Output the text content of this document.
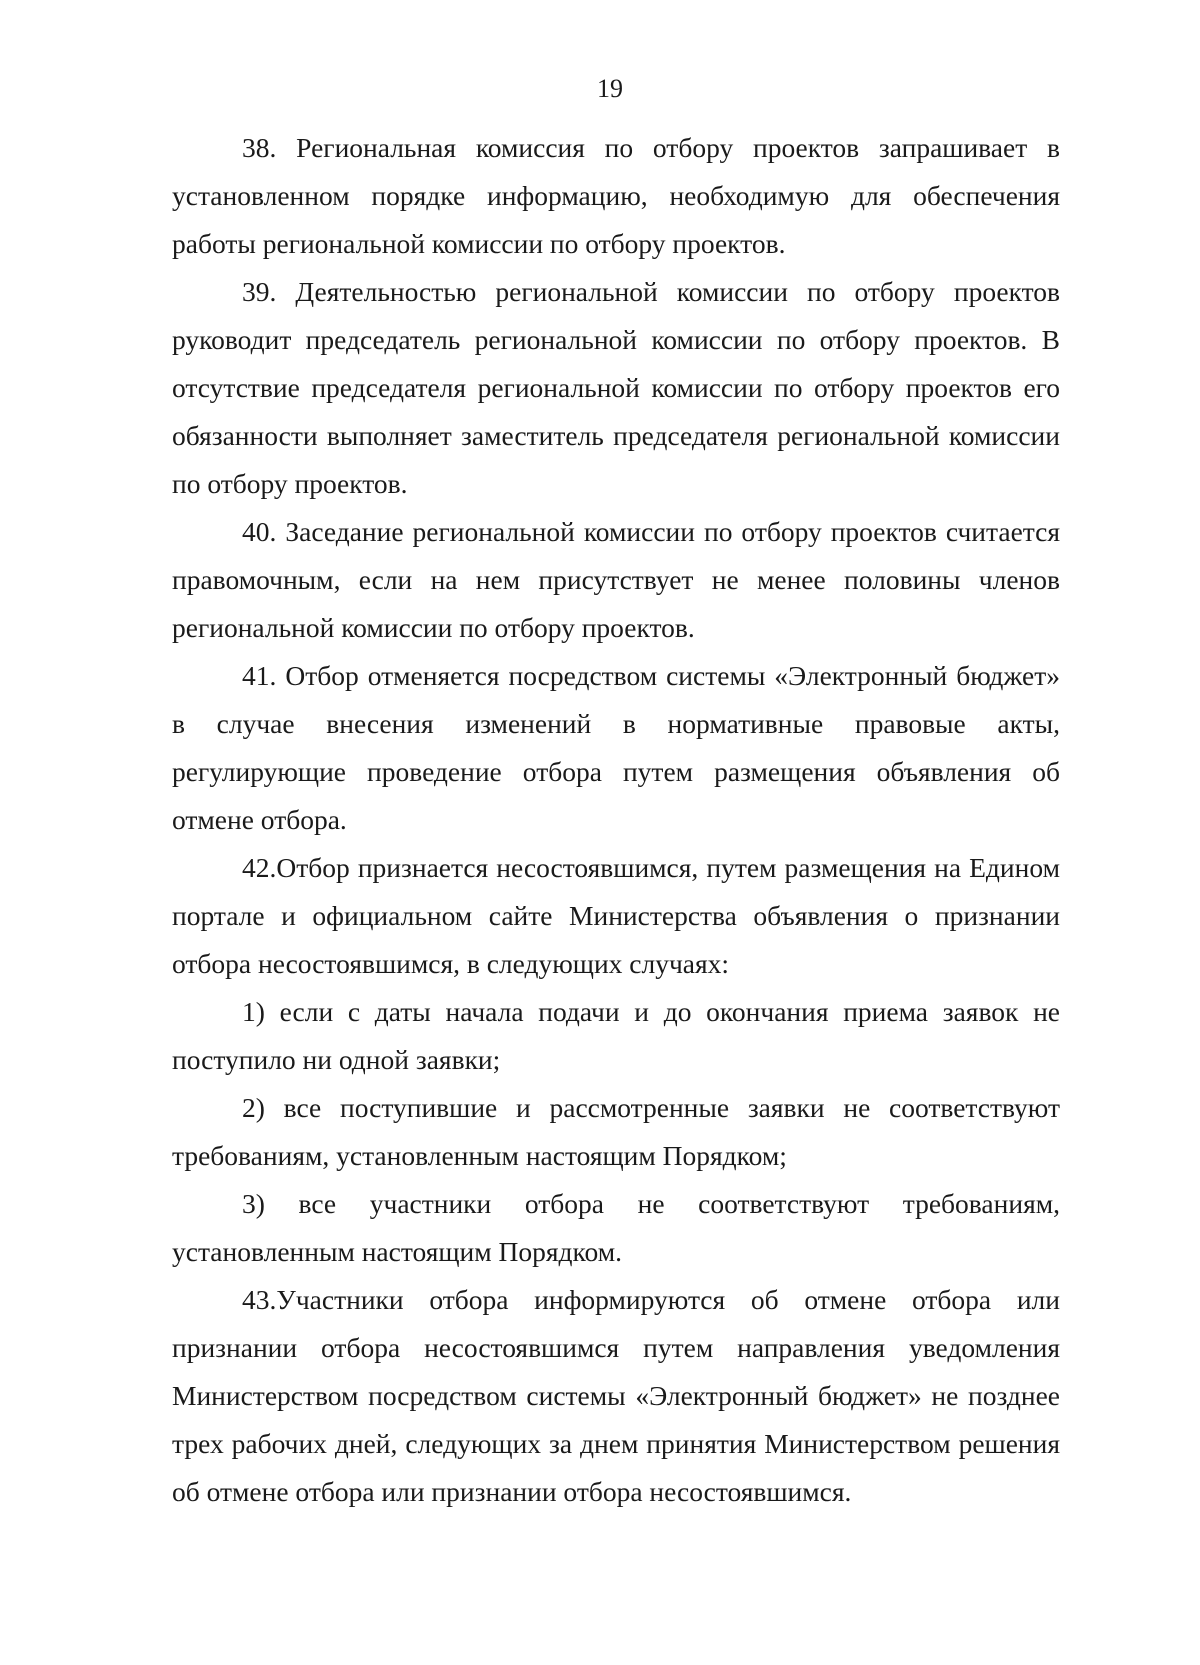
19

38. Региональная комиссия по отбору проектов запрашивает в установленном порядке информацию, необходимую для обеспечения работы региональной комиссии по отбору проектов.

39. Деятельностью региональной комиссии по отбору проектов руководит председатель региональной комиссии по отбору проектов. В отсутствие председателя региональной комиссии по отбору проектов его обязанности выполняет заместитель председателя региональной комиссии по отбору проектов.

40. Заседание региональной комиссии по отбору проектов считается правомочным, если на нем присутствует не менее половины членов региональной комиссии по отбору проектов.

41. Отбор отменяется посредством системы «Электронный бюджет» в случае внесения изменений в нормативные правовые акты, регулирующие проведение отбора путем размещения объявления об отмене отбора.

42.Отбор признается несостоявшимся, путем размещения на Едином портале и официальном сайте Министерства объявления о признании отбора несостоявшимся, в следующих случаях:

1) если с даты начала подачи и до окончания приема заявок не поступило ни одной заявки;

2) все поступившие и рассмотренные заявки не соответствуют требованиям, установленным настоящим Порядком;

3) все участники отбора не соответствуют требованиям, установленным настоящим Порядком.

43.Участники отбора информируются об отмене отбора или признании отбора несостоявшимся путем направления уведомления Министерством посредством системы «Электронный бюджет» не позднее трех рабочих дней, следующих за днем принятия Министерством решения об отмене отбора или признании отбора несостоявшимся.
